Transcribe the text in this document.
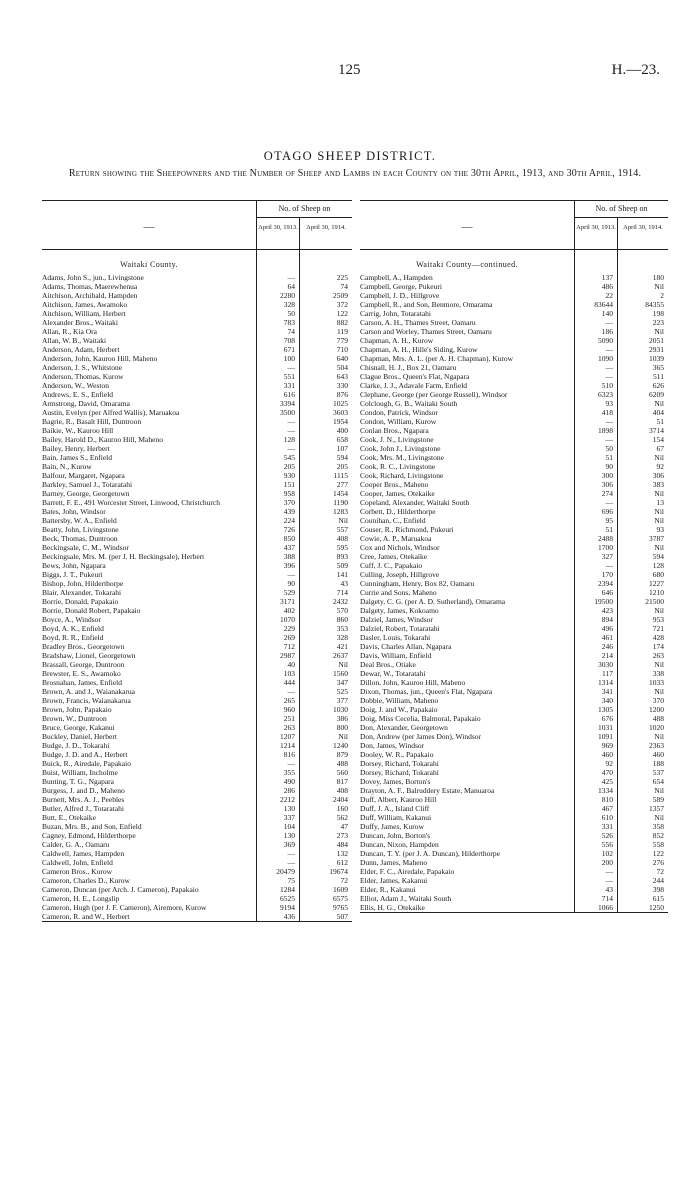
125	H.—23.
OTAGO SHEEP DISTRICT.
Return showing the Sheepowners and the Number of Sheep and Lambs in each County on the 30th April, 1913, and 30th April, 1914.
—
No. of Sheep on
April 30, 1913.	April 30, 1914.
Waitaki County.
Adams, John S., jun., Livingstone	—	225
Adams, Thomas, Maerewhenua	64	74
Aitchison, Archibald, Hampden	2280	2509
Aitchison, James, Awamoko	328	372
Aitchison, William, Herbert	50	122
Alexander Bros., Waitaki	783	882
Allan, R., Kia Ora	74	119
Allan, W. B., Waitaki	708	779
Anderson, Adam, Herbert	671	710
Anderson, John, Kauroo Hill, Maheno	100	640
Anderson, J. S., Whitstone	—	504
Anderson, Thomas, Kurow	551	643
Anderson, W., Weston	331	330
Andrews, E. S., Enfield	616	876
Armstrong, David, Omarama	3394	1025
Austin, Evelyn (per Alfred Wallis), Maruakoa	3500	3603
Bagrie, R., Basalt Hill, Duntroon	—	1954
Baikie, W., Kauroo Hill	—	400
Bailey, Harold D., Kauroo Hill, Maheno	128	658
Bailey, Henry, Herbert	—	107
Bain, James S., Enfield	545	594
Bain, N., Kurow	205	205
Balfour, Margaret, Ngapara	930	1115
Barkley, Samuel J., Totaratahi	151	277
Barney, George, Georgetown	958	1454
Barrett, F. E., 491 Worcester Street, Linwood, Christchurch	370	1190
Bates, John, Windsor	439	1283
Battersby, W. A., Enfield	224	Nil
Beatty, John, Livingstone	726	557
Beck, Thomas, Duntroon	850	408
Beckingsale, C. M., Windsor	437	595
Beckingsale, Mrs. M. (per J. H. Beckingsale), Herbert	388	893
Bews, John, Ngapara	396	509
Biggs, J. T., Pukeuri	—	141
Bishop, John, Hilderthorpe	90	43
Blair, Alexander, Tokarahi	529	714
Borrie, Donald, Papakaio	3171	2432
Borrie, Donald Robert, Papakaio	402	570
Boyce, A., Windsor	1070	860
Boyd, A. K., Enfield	229	353
Boyd, R. R., Enfield	269	328
Bradley Bros., Georgetown	712	421
Bradshaw, Lionel, Georgetown	2987	2637
Brassall, George, Duntroon	40	Nil
Brewster, E. S., Awamoko	103	1560
Brosnahan, James, Enfield	444	347
Brown, A. and J., Waianakarua	—	525
Brown, Francis, Waianakarua	265	377
Brown, John, Papakaio	960	1030
Brown, W., Duntroon	251	386
Bruce, George, Kakanui	263	800
Buckley, Daniel, Herbert	1207	Nil
Budge, J. D., Tokarahi	1214	1240
Budge, J. D. and A., Herbert	816	879
Buick, R., Airedale, Papakaio	—	488
Buist, William, Incholme	355	560
Bunting, T. G., Ngapara	490	817
Burgess, J. and D., Maheno	286	408
Burnett, Mrs. A. J., Peebles	2212	2404
Butler, Alfred J., Totaratahi	130	160
Butt, E., Otekaike	337	562
Buzan, Mrs. B., and Son, Enfield	104	47
Cagney, Edmond, Hilderthorpe	130	273
Calder, G. A., Oamaru	369	484
Caldwell, James, Hampden	—	132
Caldwell, John, Enfield	—	612
Cameron Bros., Kurow	20479	19674
Cameron, Charles D., Kurow	75	72
Cameron, Duncan (per Arch. J. Cameron), Papakaio	1284	1609
Cameron, H. E., Longslip	6525	6575
Cameron, Hugh (per J. F. Cameron), Airemore, Kurow	9194	9765
Cameron, R. and W., Herbert	436	507
—
No. of Sheep on
April 30, 1913.	April 30, 1914.
Waitaki County—continued.
Campbell, A., Hampden	137	180
Campbell, George, Pukeuri	486	Nil
Campbell, J. D., Hillgrove	22	2
Campbell, R., and Son, Benmore, Omarama	83644	84355
Carrig, John, Totaratahi	140	198
Carson, A. H., Thames Street, Oamaru	—	223
Carson and Worley, Thames Street, Oamaru	186	Nil
Chapman, A. H., Kurow	5090	2051
Chapman, A. H., Hille's Siding, Kurow	—	2931
Chapman, Mrs. A. L. (per A. H. Chapman), Kurow	1090	1039
Chisnall, H. J., Box 21, Oamaru	—	365
Clague Bros., Queen's Flat, Ngapara	—	511
Clarke, J. J., Adavale Farm, Enfield	510	626
Clephane, George (per George Russell), Windsor	6323	6209
Colclough, G. B., Waitaki South	93	Nil
Condon, Patrick, Windsor	418	404
Condon, William, Kurow	—	51
Conlan Bros., Ngapara	1898	3714
Cook, J. N., Livingstone	—	154
Cook, John J., Livingstone	50	67
Cook, Mrs. M., Livingstone	51	Nil
Cook, R. C., Livingstone	90	92
Cook, Richard, Livingstone	300	306
Cooper Bros., Maheno	306	383
Cooper, James, Otekaike	274	Nil
Copeland, Alexander, Waitaki South	—	13
Corbett, D., Hilderthorpe	696	Nil
Counihan, C., Enfield	95	Nil
Couser, R., Richmond, Pukeuri	51	93
Cowie, A. P., Maruakoa	2488	3787
Cox and Nichols, Windsor	1700	Nil
Cree, James, Otekaike	327	594
Cuff, J. C., Papakaio	—	128
Culling, Joseph, Hillgrove	170	680
Cunningham, Henry, Box 82, Oamaru	2394	1227
Currie and Sons, Maheno	646	1210
Dalgety, C. G. (per A. D. Sutherland), Omarama	19500	21500
Dalgety, James, Kokoamo	423	Nil
Dalziel, James, Windsor	894	953
Dalziel, Robert, Totaratahi	496	721
Dasler, Louis, Tokarahi	461	428
Davis, Charles Allan, Ngapara	246	174
Davis, William, Enfield	214	263
Deal Bros., Otiake	3030	Nil
Dewar, W., Totaratahi	117	338
Dillon, John, Kauroo Hill, Maheno	1314	1033
Dixon, Thomas, jun., Queen's Flat, Ngapara	341	Nil
Dobbie, William, Maheno	340	370
Doig, J. and W., Papakaio	1305	1200
Doig, Miss Cecelia, Balmoral, Papakaio	676	488
Don, Alexander, Georgetown	1031	1020
Don, Andrew (per James Don), Windsor	1091	Nil
Don, James, Windsor	969	2363
Dooley, W. R., Papakaio	460	460
Dorsey, Richard, Tokarahi	92	188
Dorsey, Richard, Tokarahi	470	537
Dovey, James, Borton's	425	654
Drayton, A. F., Balruddery Estate, Manuaroa	1334	Nil
Duff, Albert, Kauroo Hill	810	589
Duff, J. A., Island Cliff	467	1357
Duff, William, Kakanui	610	Nil
Duffy, James, Kurow	331	358
Duncan, John, Borton's	526	852
Duncan, Nixon, Hampden	556	558
Duncan, T. Y. (per J. A. Duncan), Hilderthorpe	102	122
Dunn, James, Maheno	200	276
Elder, F. C., Airedale, Papakaio	—	72
Elder, James, Kakanui	—	244
Elder, R., Kakanui	43	398
Elliot, Adam J., Waitaki South	714	615
Ellis, H. G., Otekaike	1066	1250
